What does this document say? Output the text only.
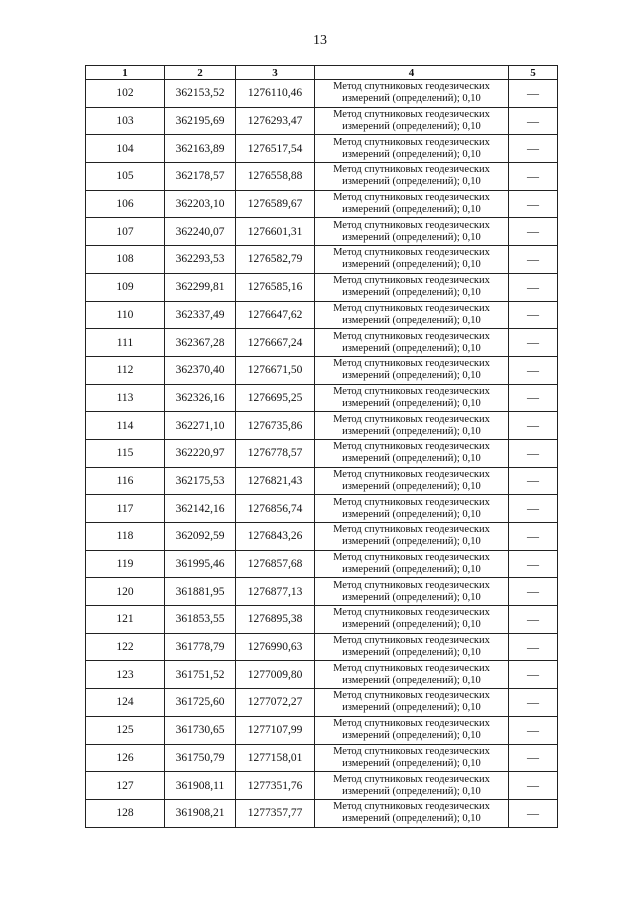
13
1	2	3	4	5
102	362153,52	1276110,46	Метод спутниковых геодезических измерений (определений); 0,10	—
103	362195,69	1276293,47	Метод спутниковых геодезических измерений (определений); 0,10	—
104	362163,89	1276517,54	Метод спутниковых геодезических измерений (определений); 0,10	—
105	362178,57	1276558,88	Метод спутниковых геодезических измерений (определений); 0,10	—
106	362203,10	1276589,67	Метод спутниковых геодезических измерений (определений); 0,10	—
107	362240,07	1276601,31	Метод спутниковых геодезических измерений (определений); 0,10	—
108	362293,53	1276582,79	Метод спутниковых геодезических измерений (определений); 0,10	—
109	362299,81	1276585,16	Метод спутниковых геодезических измерений (определений); 0,10	—
110	362337,49	1276647,62	Метод спутниковых геодезических измерений (определений); 0,10	—
111	362367,28	1276667,24	Метод спутниковых геодезических измерений (определений); 0,10	—
112	362370,40	1276671,50	Метод спутниковых геодезических измерений (определений); 0,10	—
113	362326,16	1276695,25	Метод спутниковых геодезических измерений (определений); 0,10	—
114	362271,10	1276735,86	Метод спутниковых геодезических измерений (определений); 0,10	—
115	362220,97	1276778,57	Метод спутниковых геодезических измерений (определений); 0,10	—
116	362175,53	1276821,43	Метод спутниковых геодезических измерений (определений); 0,10	—
117	362142,16	1276856,74	Метод спутниковых геодезических измерений (определений); 0,10	—
118	362092,59	1276843,26	Метод спутниковых геодезических измерений (определений); 0,10	—
119	361995,46	1276857,68	Метод спутниковых геодезических измерений (определений); 0,10	—
120	361881,95	1276877,13	Метод спутниковых геодезических измерений (определений); 0,10	—
121	361853,55	1276895,38	Метод спутниковых геодезических измерений (определений); 0,10	—
122	361778,79	1276990,63	Метод спутниковых геодезических измерений (определений); 0,10	—
123	361751,52	1277009,80	Метод спутниковых геодезических измерений (определений); 0,10	—
124	361725,60	1277072,27	Метод спутниковых геодезических измерений (определений); 0,10	—
125	361730,65	1277107,99	Метод спутниковых геодезических измерений (определений); 0,10	—
126	361750,79	1277158,01	Метод спутниковых геодезических измерений (определений); 0,10	—
127	361908,11	1277351,76	Метод спутниковых геодезических измерений (определений); 0,10	—
128	361908,21	1277357,77	Метод спутниковых геодезических измерений (определений); 0,10	—
